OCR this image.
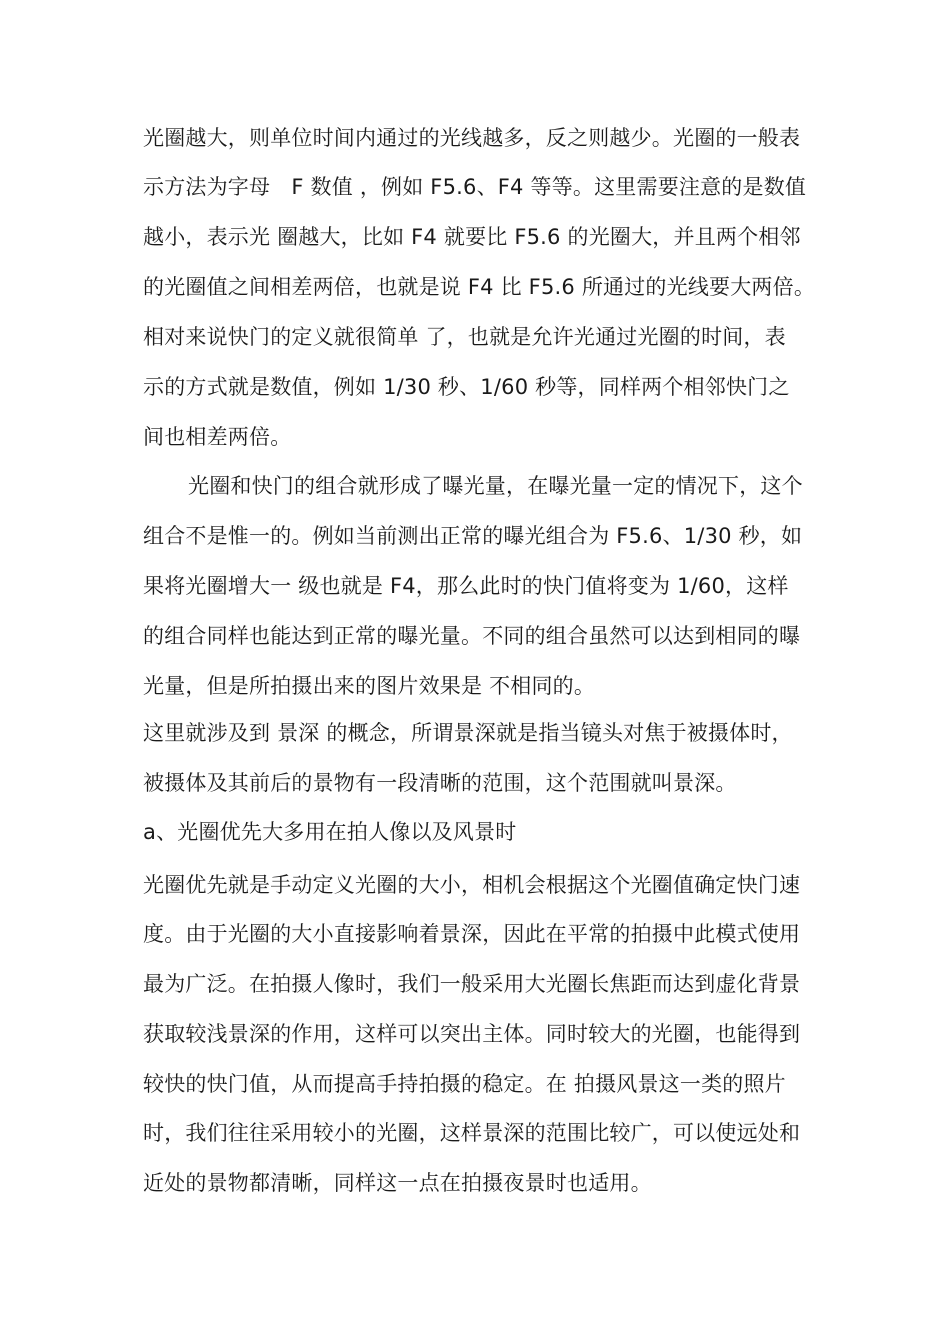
光圈越大，则单位时间内通过的光线越多，反之则越少。光圈的一般表
示方法为字母　F 数值 ，例如 F5.6、F4 等等。这里需要注意的是数值
越小，表示光 圈越大，比如 F4 就要比 F5.6 的光圈大，并且两个相邻
的光圈值之间相差两倍，也就是说 F4 比 F5.6 所通过的光线要大两倍。
相对来说快门的定义就很简单 了，也就是允许光通过光圈的时间，表
示的方式就是数值，例如 1/30 秒、1/60 秒等，同样两个相邻快门之
间也相差两倍。
光圈和快门的组合就形成了曝光量，在曝光量一定的情况下，这个
组合不是惟一的。例如当前测出正常的曝光组合为 F5.6、1/30 秒，如
果将光圈增大一 级也就是 F4，那么此时的快门值将变为 1/60，这样
的组合同样也能达到正常的曝光量。不同的组合虽然可以达到相同的曝
光量，但是所拍摄出来的图片效果是 不相同的。
这里就涉及到 景深 的概念，所谓景深就是指当镜头对焦于被摄体时，
被摄体及其前后的景物有一段清晰的范围，这个范围就叫景深。
a、光圈优先大多用在拍人像以及风景时
光圈优先就是手动定义光圈的大小，相机会根据这个光圈值确定快门速
度。由于光圈的大小直接影响着景深，因此在平常的拍摄中此模式使用
最为广泛。在拍摄人像时，我们一般采用大光圈长焦距而达到虚化背景
获取较浅景深的作用，这样可以突出主体。同时较大的光圈，也能得到
较快的快门值，从而提高手持拍摄的稳定。在 拍摄风景这一类的照片
时，我们往往采用较小的光圈，这样景深的范围比较广，可以使远处和
近处的景物都清晰，同样这一点在拍摄夜景时也适用。
